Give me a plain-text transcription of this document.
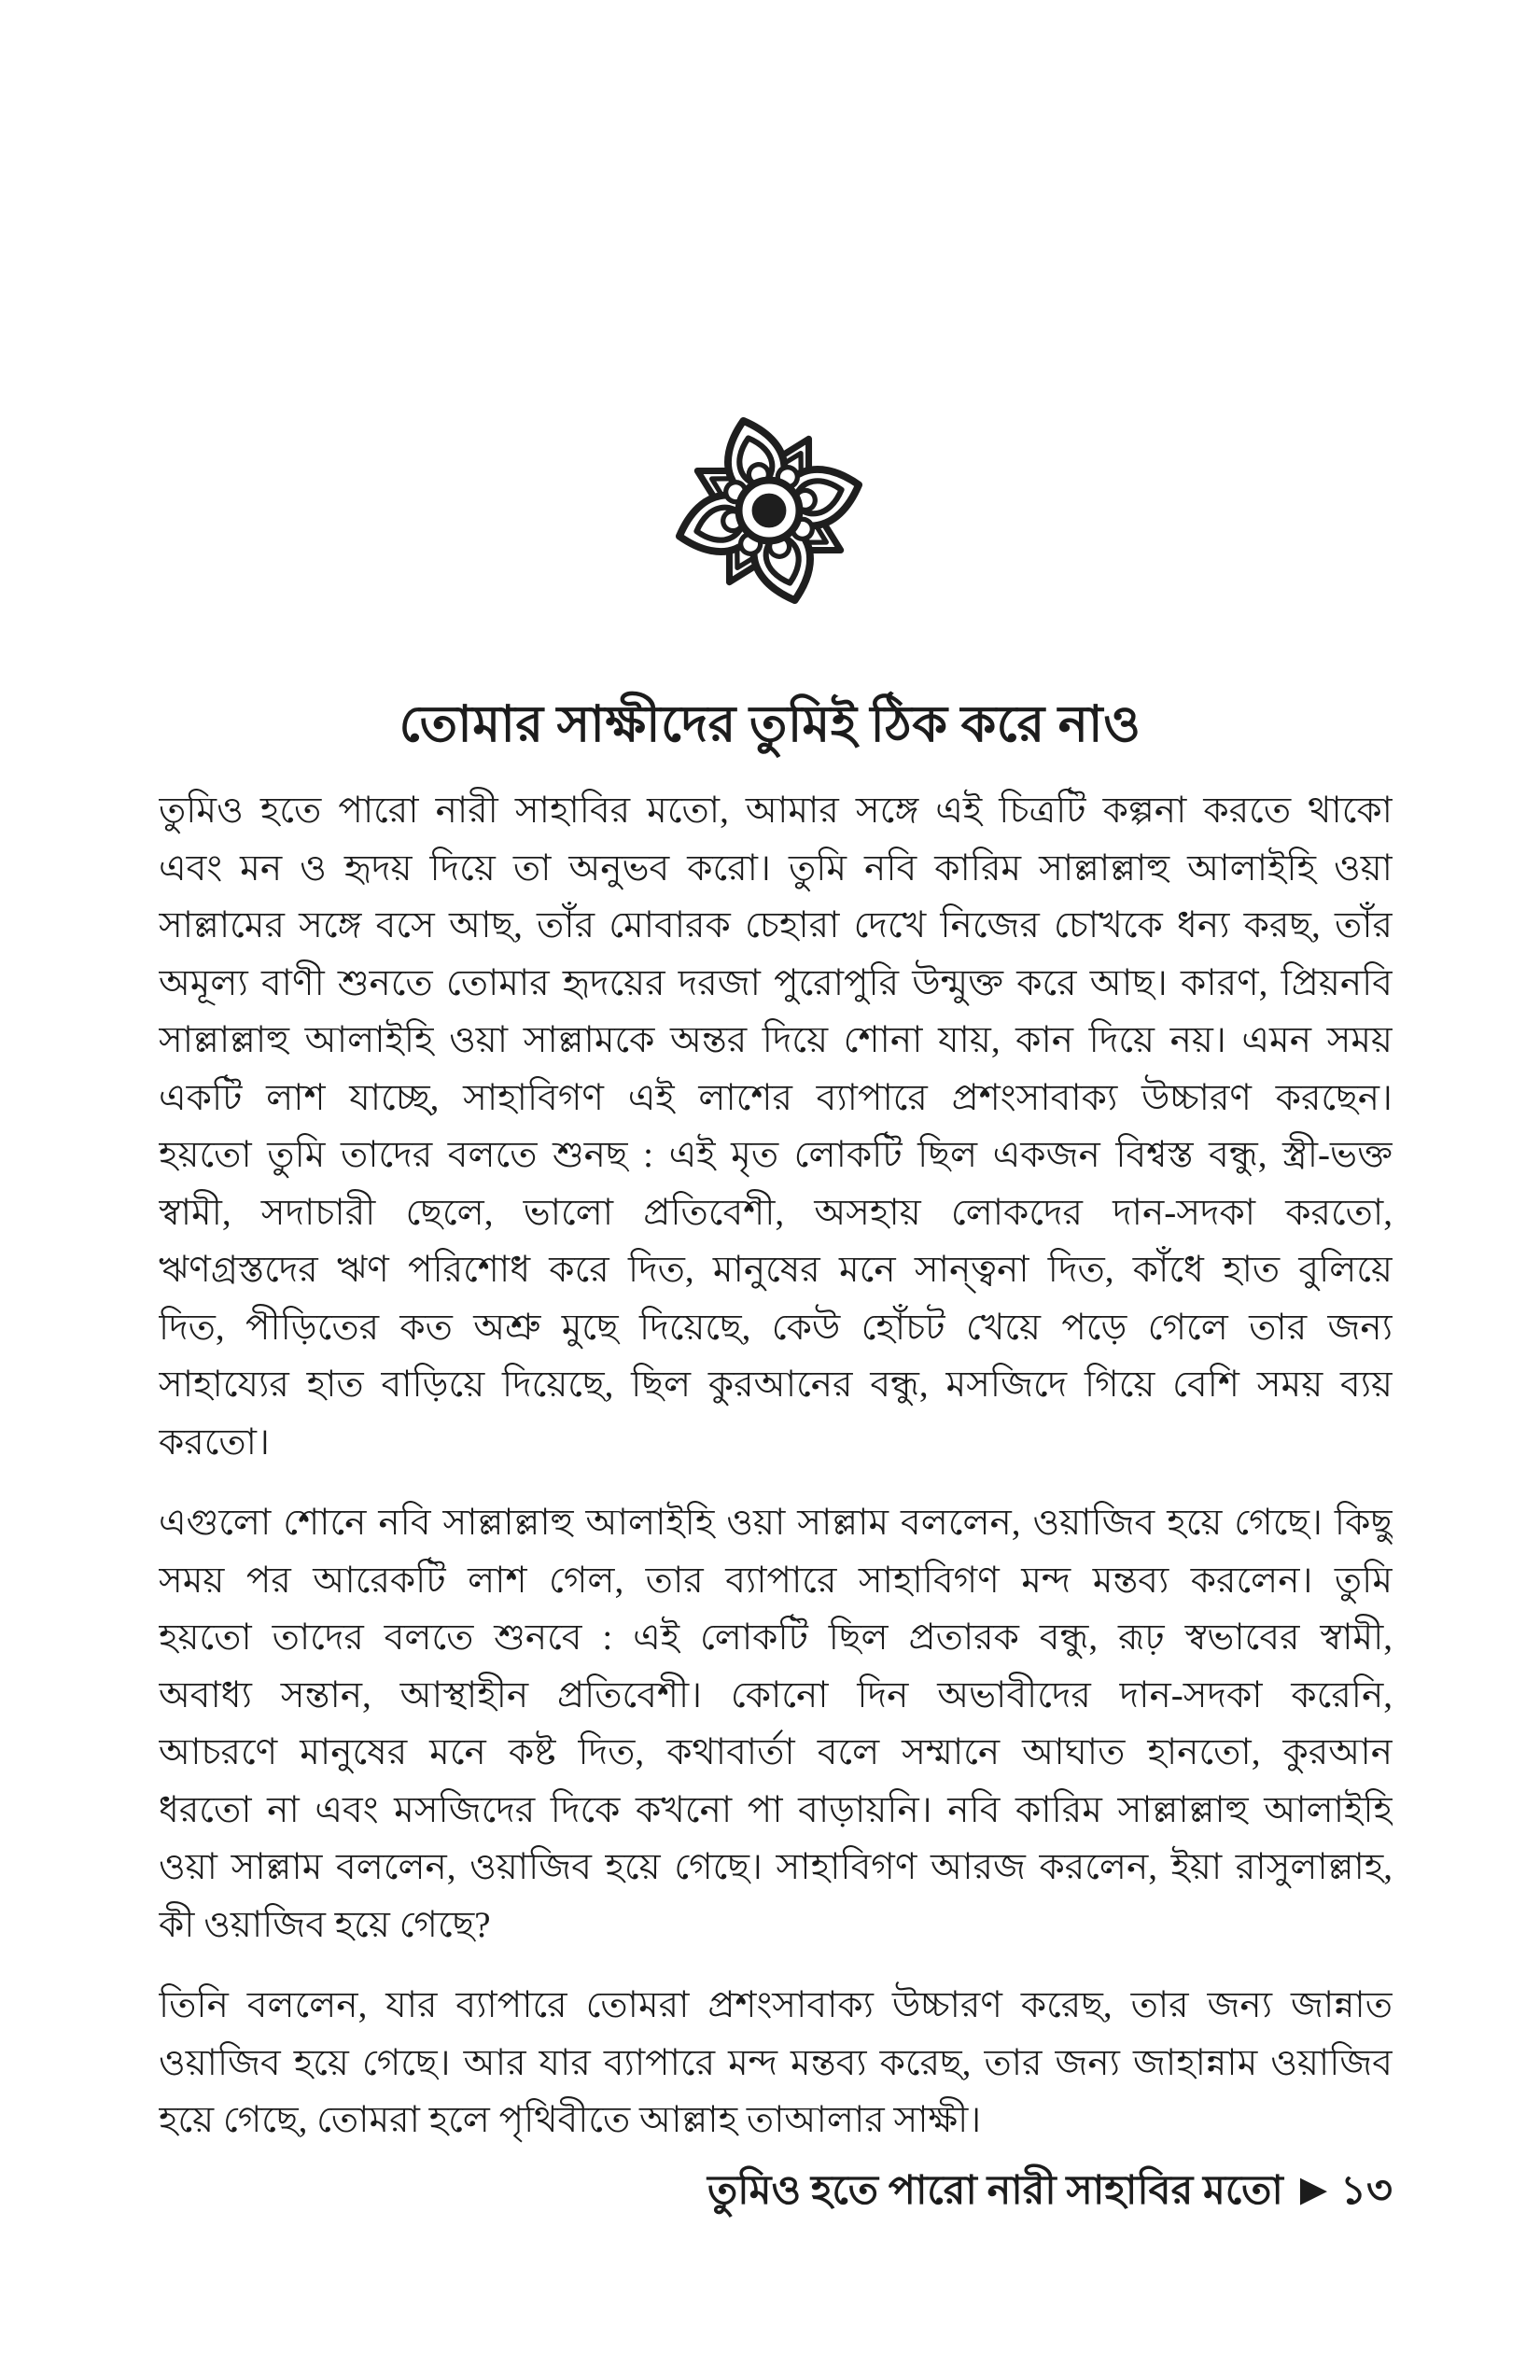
তোমার সাক্ষীদের তুমিই ঠিক করে নাও
তুমিও হতে পারো নারী সাহাবির মতো, আমার সঙ্গে এই চিত্রটি কল্পনা করতে থাকো
এবং মন ও হৃদয় দিয়ে তা অনুভব করো। তুমি নবি কারিম সাল্লাল্লাহু আলাইহি ওয়া
সাল্লামের সঙ্গে বসে আছ, তাঁর মোবারক চেহারা দেখে নিজের চোখকে ধন্য করছ, তাঁর
অমূল্য বাণী শুনতে তোমার হৃদয়ের দরজা পুরোপুরি উন্মুক্ত করে আছ। কারণ, প্রিয়নবি
সাল্লাল্লাহু আলাইহি ওয়া সাল্লামকে অন্তর দিয়ে শোনা যায়, কান দিয়ে নয়। এমন সময়
একটি লাশ যাচ্ছে, সাহাবিগণ এই লাশের ব্যাপারে প্রশংসাবাক্য উচ্চারণ করছেন।
হয়তো তুমি তাদের বলতে শুনছ : এই মৃত লোকটি ছিল একজন বিশ্বস্ত বন্ধু, স্ত্রী-ভক্ত
স্বামী, সদাচারী ছেলে, ভালো প্রতিবেশী, অসহায় লোকদের দান-সদকা করতো,
ঋণগ্রস্তদের ঋণ পরিশোধ করে দিত, মানুষের মনে সান্ত্বনা দিত, কাঁধে হাত বুলিয়ে
দিত, পীড়িতের কত অশ্রু মুছে দিয়েছে, কেউ হোঁচট খেয়ে পড়ে গেলে তার জন্য
সাহায্যের হাত বাড়িয়ে দিয়েছে, ছিল কুরআনের বন্ধু, মসজিদে গিয়ে বেশি সময় ব্যয়
করতো।
এগুলো শোনে নবি সাল্লাল্লাহু আলাইহি ওয়া সাল্লাম বললেন, ওয়াজিব হয়ে গেছে। কিছু
সময় পর আরেকটি লাশ গেল, তার ব্যাপারে সাহাবিগণ মন্দ মন্তব্য করলেন। তুমি
হয়তো তাদের বলতে শুনবে : এই লোকটি ছিল প্রতারক বন্ধু, রূঢ় স্বভাবের স্বামী,
অবাধ্য সন্তান, আস্থাহীন প্রতিবেশী। কোনো দিন অভাবীদের দান-সদকা করেনি,
আচরণে মানুষের মনে কষ্ট দিত, কথাবার্তা বলে সম্মানে আঘাত হানতো, কুরআন
ধরতো না এবং মসজিদের দিকে কখনো পা বাড়ায়নি। নবি কারিম সাল্লাল্লাহু আলাইহি
ওয়া সাল্লাম বললেন, ওয়াজিব হয়ে গেছে। সাহাবিগণ আরজ করলেন, ইয়া রাসুলাল্লাহ,
কী ওয়াজিব হয়ে গেছে?
তিনি বললেন, যার ব্যাপারে তোমরা প্রশংসাবাক্য উচ্চারণ করেছ, তার জন্য জান্নাত
ওয়াজিব হয়ে গেছে। আর যার ব্যাপারে মন্দ মন্তব্য করেছ, তার জন্য জাহান্নাম ওয়াজিব
হয়ে গেছে, তোমরা হলে পৃথিবীতে আল্লাহ তাআলার সাক্ষী।
তুমিও হতে পারো নারী সাহাবির মতো ▶ ১৩
